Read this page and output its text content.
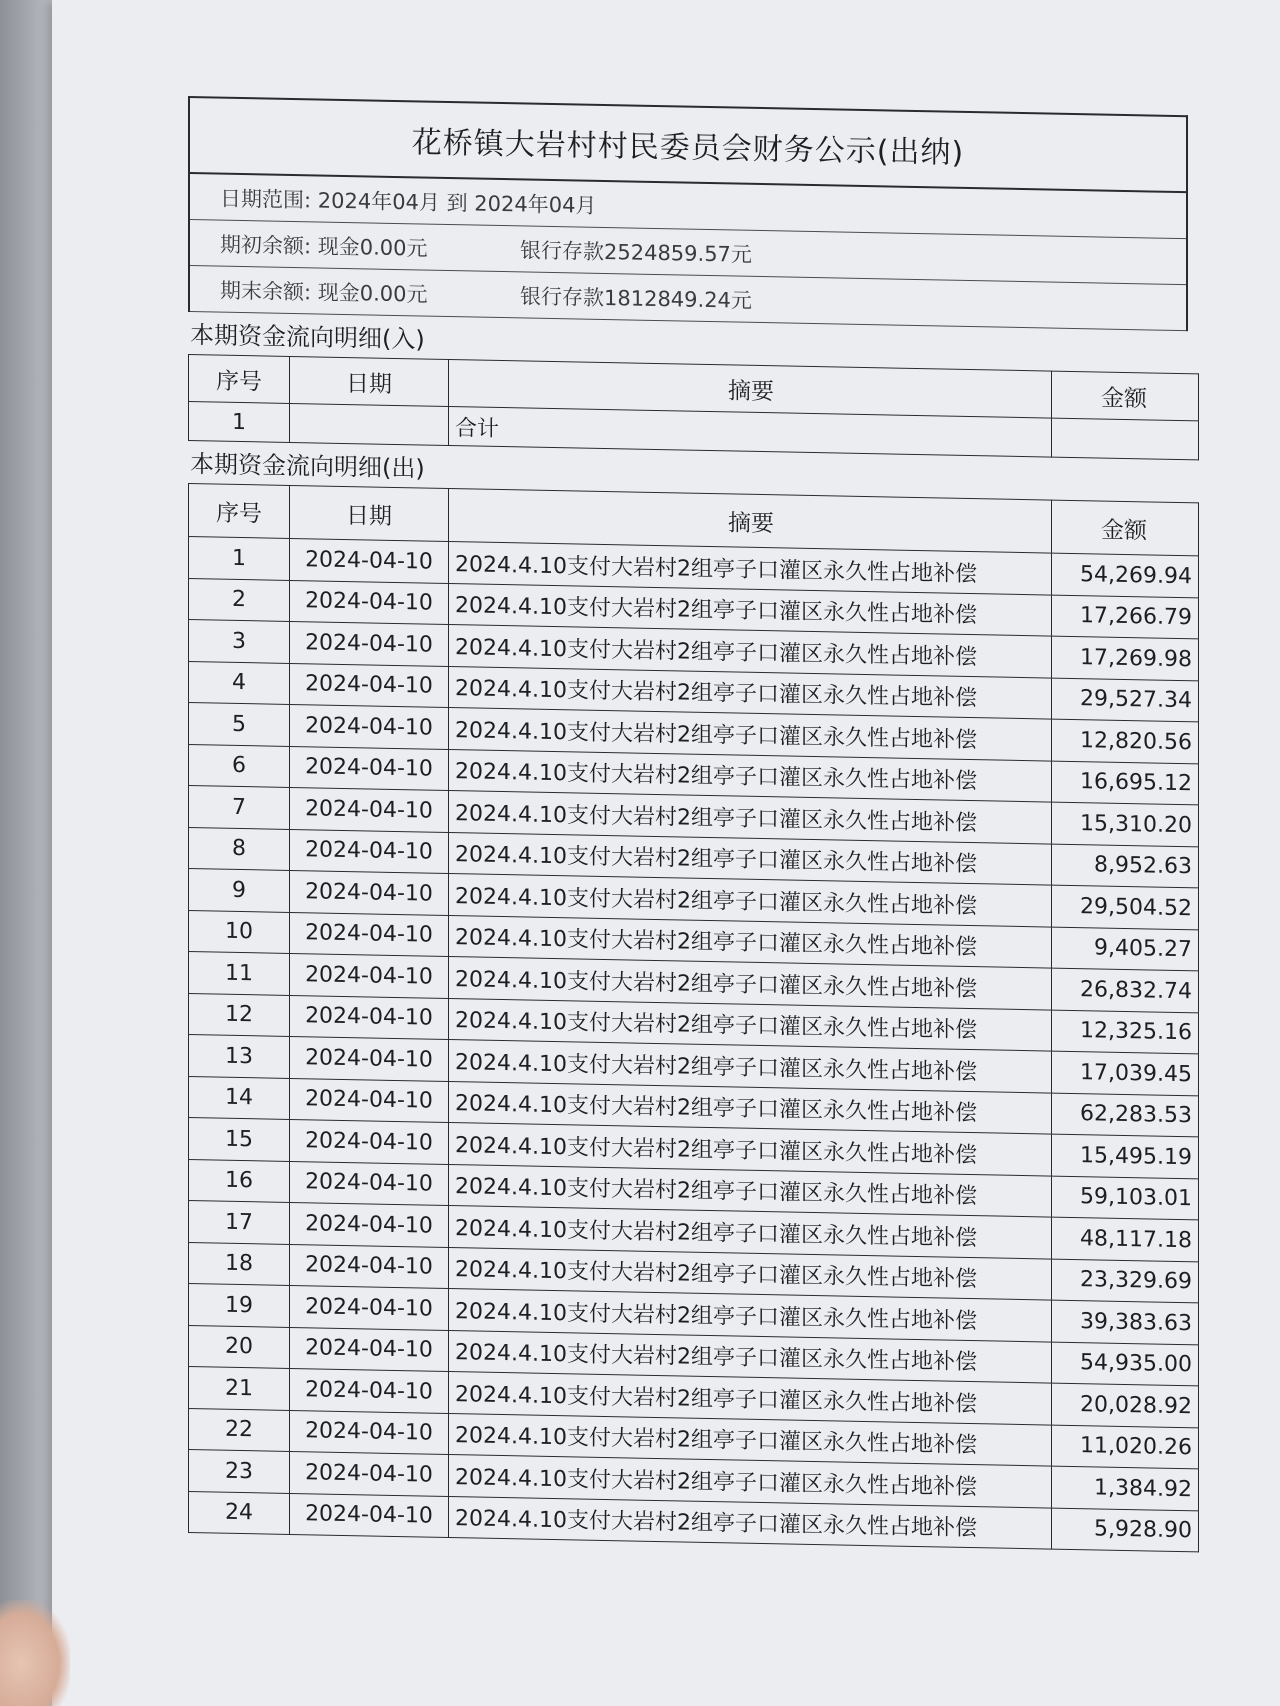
花桥镇大岩村村民委员会财务公示(出纳)
日期范围: 2024年04月 到 2024年04月
期初余额: 现金0.00元	银行存款2524859.57元
期末余额: 现金0.00元	银行存款1812849.24元
本期资金流向明细(入)
序号	日期	摘要	金额
1		合计	
本期资金流向明细(出)
序号	日期	摘要	金额
1	2024-04-10	2024.4.10支付大岩村2组亭子口灌区永久性占地补偿	54,269.94
2	2024-04-10	2024.4.10支付大岩村2组亭子口灌区永久性占地补偿	17,266.79
3	2024-04-10	2024.4.10支付大岩村2组亭子口灌区永久性占地补偿	17,269.98
4	2024-04-10	2024.4.10支付大岩村2组亭子口灌区永久性占地补偿	29,527.34
5	2024-04-10	2024.4.10支付大岩村2组亭子口灌区永久性占地补偿	12,820.56
6	2024-04-10	2024.4.10支付大岩村2组亭子口灌区永久性占地补偿	16,695.12
7	2024-04-10	2024.4.10支付大岩村2组亭子口灌区永久性占地补偿	15,310.20
8	2024-04-10	2024.4.10支付大岩村2组亭子口灌区永久性占地补偿	8,952.63
9	2024-04-10	2024.4.10支付大岩村2组亭子口灌区永久性占地补偿	29,504.52
10	2024-04-10	2024.4.10支付大岩村2组亭子口灌区永久性占地补偿	9,405.27
11	2024-04-10	2024.4.10支付大岩村2组亭子口灌区永久性占地补偿	26,832.74
12	2024-04-10	2024.4.10支付大岩村2组亭子口灌区永久性占地补偿	12,325.16
13	2024-04-10	2024.4.10支付大岩村2组亭子口灌区永久性占地补偿	17,039.45
14	2024-04-10	2024.4.10支付大岩村2组亭子口灌区永久性占地补偿	62,283.53
15	2024-04-10	2024.4.10支付大岩村2组亭子口灌区永久性占地补偿	15,495.19
16	2024-04-10	2024.4.10支付大岩村2组亭子口灌区永久性占地补偿	59,103.01
17	2024-04-10	2024.4.10支付大岩村2组亭子口灌区永久性占地补偿	48,117.18
18	2024-04-10	2024.4.10支付大岩村2组亭子口灌区永久性占地补偿	23,329.69
19	2024-04-10	2024.4.10支付大岩村2组亭子口灌区永久性占地补偿	39,383.63
20	2024-04-10	2024.4.10支付大岩村2组亭子口灌区永久性占地补偿	54,935.00
21	2024-04-10	2024.4.10支付大岩村2组亭子口灌区永久性占地补偿	20,028.92
22	2024-04-10	2024.4.10支付大岩村2组亭子口灌区永久性占地补偿	11,020.26
23	2024-04-10	2024.4.10支付大岩村2组亭子口灌区永久性占地补偿	1,384.92
24	2024-04-10	2024.4.10支付大岩村2组亭子口灌区永久性占地补偿	5,928.90
